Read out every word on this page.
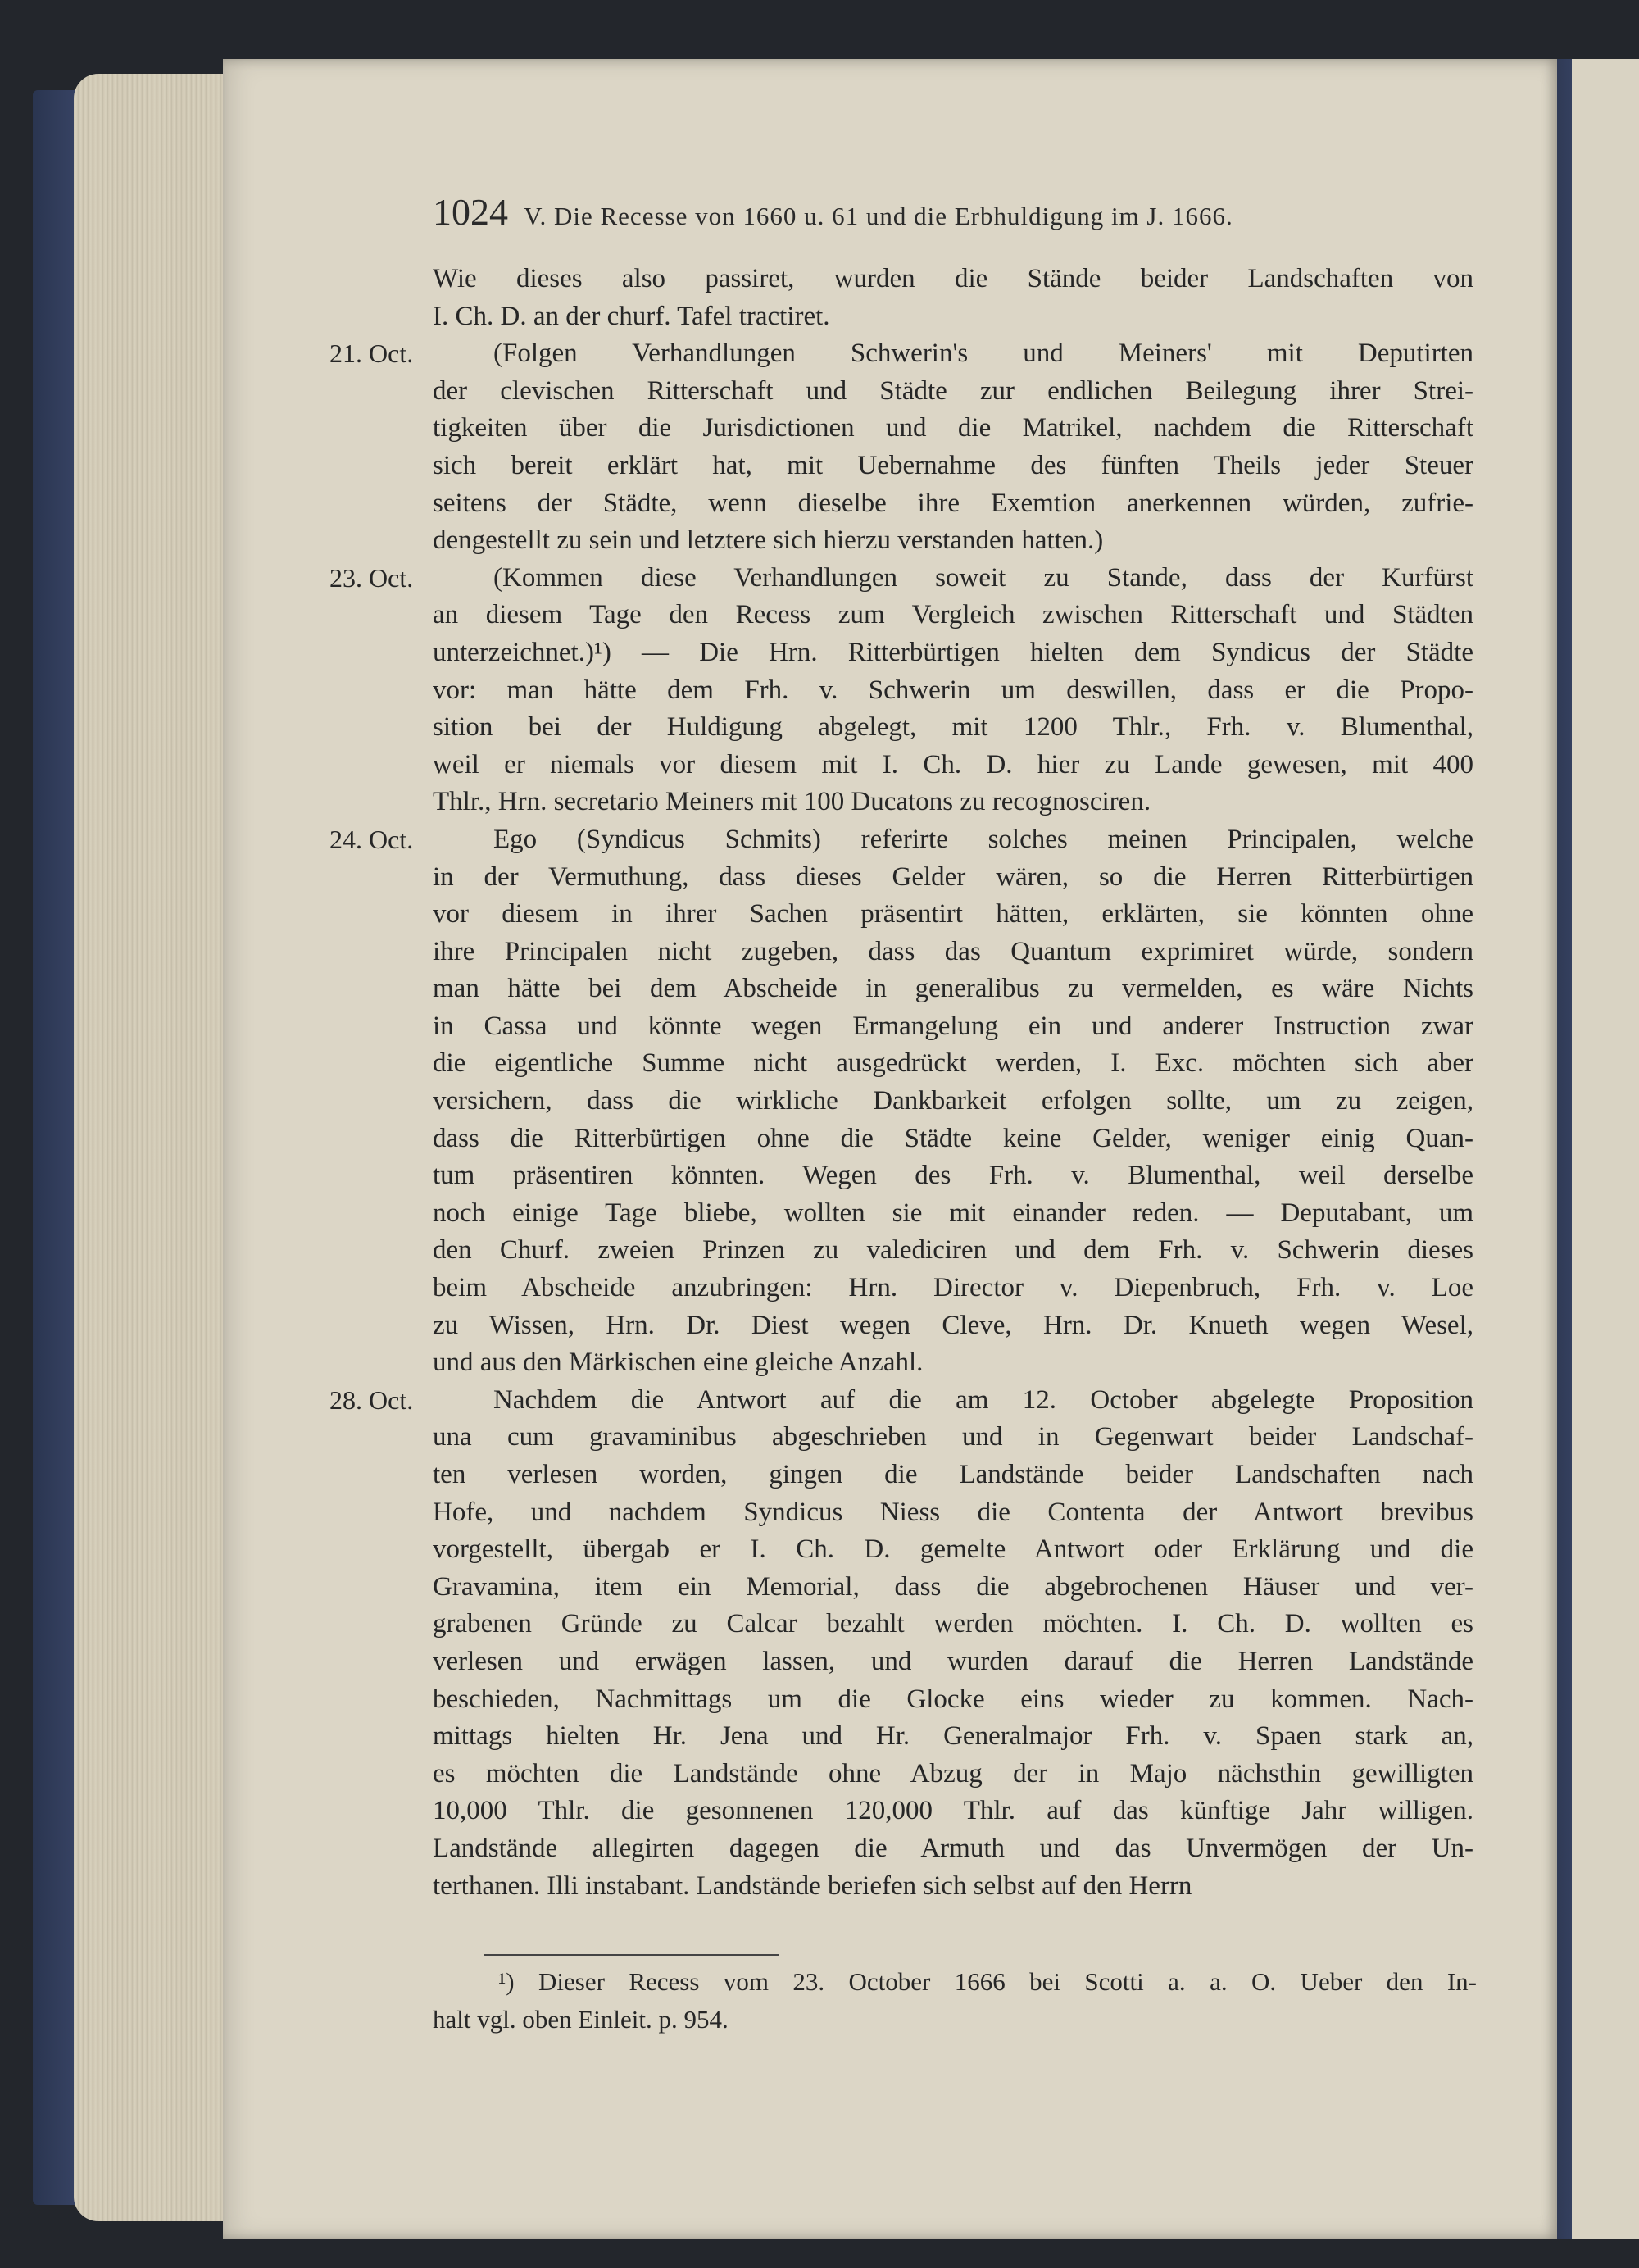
1024 V. Die Recesse von 1660 u. 61 und die Erbhuldigung im J. 1666.
Wie dieses also passiret, wurden die Stände beider Landschaften von
I. Ch. D. an der churf. Tafel tractiret.
21. Oct.	(Folgen Verhandlungen Schwerin's und Meiners' mit Deputirten
der clevischen Ritterschaft und Städte zur endlichen Beilegung ihrer Strei-
tigkeiten über die Jurisdictionen und die Matrikel, nachdem die Ritterschaft
sich bereit erklärt hat, mit Uebernahme des fünften Theils jeder Steuer
seitens der Städte, wenn dieselbe ihre Exemtion anerkennen würden, zufrie-
dengestellt zu sein und letztere sich hierzu verstanden hatten.)
23. Oct.	(Kommen diese Verhandlungen soweit zu Stande, dass der Kurfürst
an diesem Tage den Recess zum Vergleich zwischen Ritterschaft und Städten
unterzeichnet.)¹) — Die Hrn. Ritterbürtigen hielten dem Syndicus der Städte
vor: man hätte dem Frh. v. Schwerin um deswillen, dass er die Propo-
sition bei der Huldigung abgelegt, mit 1200 Thlr., Frh. v. Blumenthal,
weil er niemals vor diesem mit I. Ch. D. hier zu Lande gewesen, mit 400
Thlr., Hrn. secretario Meiners mit 100 Ducatons zu recognosciren.
24. Oct.	Ego (Syndicus Schmits) referirte solches meinen Principalen, welche
in der Vermuthung, dass dieses Gelder wären, so die Herren Ritterbürtigen
vor diesem in ihrer Sachen präsentirt hätten, erklärten, sie könnten ohne
ihre Principalen nicht zugeben, dass das Quantum exprimiret würde, sondern
man hätte bei dem Abscheide in generalibus zu vermelden, es wäre Nichts
in Cassa und könnte wegen Ermangelung ein und anderer Instruction zwar
die eigentliche Summe nicht ausgedrückt werden, I. Exc. möchten sich aber
versichern, dass die wirkliche Dankbarkeit erfolgen sollte, um zu zeigen,
dass die Ritterbürtigen ohne die Städte keine Gelder, weniger einig Quan-
tum präsentiren könnten. Wegen des Frh. v. Blumenthal, weil derselbe
noch einige Tage bliebe, wollten sie mit einander reden. — Deputabant, um
den Churf. zweien Prinzen zu valediciren und dem Frh. v. Schwerin dieses
beim Abscheide anzubringen: Hrn. Director v. Diepenbruch, Frh. v. Loe
zu Wissen, Hrn. Dr. Diest wegen Cleve, Hrn. Dr. Knueth wegen Wesel,
und aus den Märkischen eine gleiche Anzahl.
28. Oct.	Nachdem die Antwort auf die am 12. October abgelegte Proposition
una cum gravaminibus abgeschrieben und in Gegenwart beider Landschaf-
ten verlesen worden, gingen die Landstände beider Landschaften nach
Hofe, und nachdem Syndicus Niess die Contenta der Antwort brevibus
vorgestellt, übergab er I. Ch. D. gemelte Antwort oder Erklärung und die
Gravamina, item ein Memorial, dass die abgebrochenen Häuser und ver-
grabenen Gründe zu Calcar bezahlt werden möchten. I. Ch. D. wollten es
verlesen und erwägen lassen, und wurden darauf die Herren Landstände
beschieden, Nachmittags um die Glocke eins wieder zu kommen. Nach-
mittags hielten Hr. Jena und Hr. Generalmajor Frh. v. Spaen stark an,
es möchten die Landstände ohne Abzug der in Majo nächsthin gewilligten
10,000 Thlr. die gesonnenen 120,000 Thlr. auf das künftige Jahr willigen.
Landstände allegirten dagegen die Armuth und das Unvermögen der Un-
terthanen. Illi instabant. Landstände beriefen sich selbst auf den Herrn
¹) Dieser Recess vom 23. October 1666 bei Scotti a. a. O. Ueber den In-
halt vgl. oben Einleit. p. 954.
